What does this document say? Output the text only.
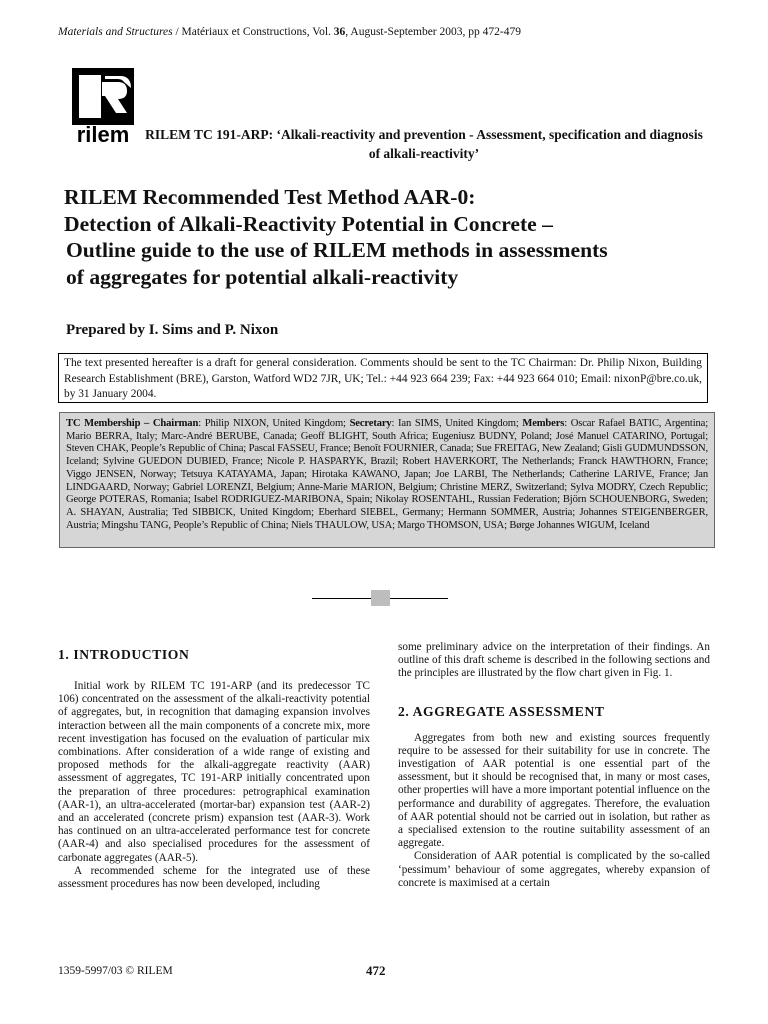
Materials and Structures / Matériaux et Constructions, Vol. 36, August-September 2003, pp 472-479
rilem RILEM TC 191-ARP: ‘Alkali-reactivity and prevention - Assessment, specification and diagnosis of alkali-reactivity’
RILEM Recommended Test Method AAR-0:
Detection of Alkali-Reactivity Potential in Concrete –
Outline guide to the use of RILEM methods in assessments
of aggregates for potential alkali-reactivity
Prepared by I. Sims and P. Nixon
The text presented hereafter is a draft for general consideration. Comments should be sent to the TC Chairman: Dr. Philip Nixon, Building Research Establishment (BRE), Garston, Watford WD2 7JR, UK; Tel.: +44 923 664 239; Fax: +44 923 664 010; Email: nixonP@bre.co.uk, by 31 January 2004.
TC Membership – Chairman: Philip NIXON, United Kingdom; Secretary: Ian SIMS, United Kingdom; Members: Oscar Rafael BATIC, Argentina; Mario BERRA, Italy; Marc-André BERUBE, Canada; Geoff BLIGHT, South Africa; Eugeniusz BUDNY, Poland; José Manuel CATARINO, Portugal; Steven CHAK, People’s Republic of China; Pascal FASSEU, France; Benoît FOURNIER, Canada; Sue FREITAG, New Zealand; Gisli GUDMUNDSSON, Iceland; Sylvine GUEDON DUBIED, France; Nicole P. HASPARYK, Brazil; Robert HAVERKORT, The Netherlands; Franck HAWTHORN, France; Viggo JENSEN, Norway; Tetsuya KATAYAMA, Japan; Hirotaka KAWANO, Japan; Joe LARBI, The Netherlands; Catherine LARIVE, France; Jan LINDGAARD, Norway; Gabriel LORENZI, Belgium; Anne-Marie MARION, Belgium; Christine MERZ, Switzerland; Sylva MODRY, Czech Republic; George POTERAS, Romania; Isabel RODRIGUEZ-MARIBONA, Spain; Nikolay ROSENTAHL, Russian Federation; Björn SCHOUENBORG, Sweden; A. SHAYAN, Australia; Ted SIBBICK, United Kingdom; Eberhard SIEBEL, Germany; Hermann SOMMER, Austria; Johannes STEIGENBERGER, Austria; Mingshu TANG, People’s Republic of China; Niels THAULOW, USA; Margo THOMSON, USA; Børge Johannes WIGUM, Iceland
1. INTRODUCTION

Initial work by RILEM TC 191-ARP (and its predecessor TC 106) concentrated on the assessment of the alkali-reactivity potential of aggregates, but, in recognition that damaging expansion involves interaction between all the main components of a concrete mix, more recent investigation has focused on the evaluation of particular mix combinations. After consideration of a wide range of existing and proposed methods for the alkali-aggregate reactivity (AAR) assessment of aggregates, TC 191-ARP initially concentrated upon the preparation of three procedures: petrographical examination (AAR-1), an ultra-accelerated (mortar-bar) expansion test (AAR-2) and an accelerated (concrete prism) expansion test (AAR-3). Work has continued on an ultra-accelerated performance test for concrete (AAR-4) and also specialised procedures for the assessment of carbonate aggregates (AAR-5).

A recommended scheme for the integrated use of these assessment procedures has now been developed, including

some preliminary advice on the interpretation of their findings. An outline of this draft scheme is described in the following sections and the principles are illustrated by the flow chart given in Fig. 1.

2. AGGREGATE ASSESSMENT

Aggregates from both new and existing sources frequently require to be assessed for their suitability for use in concrete. The investigation of AAR potential is one essential part of the assessment, but it should be recognised that, in many or most cases, other properties will have a more important potential influence on the performance and durability of aggregates. Therefore, the evaluation of AAR potential should not be carried out in isolation, but rather as a specialised extension to the routine suitability assessment of an aggregate.

Consideration of AAR potential is complicated by the so-called ‘pessimum’ behaviour of some aggregates, whereby expansion of concrete is maximised at a certain

1359-5997/03 © RILEM	472
